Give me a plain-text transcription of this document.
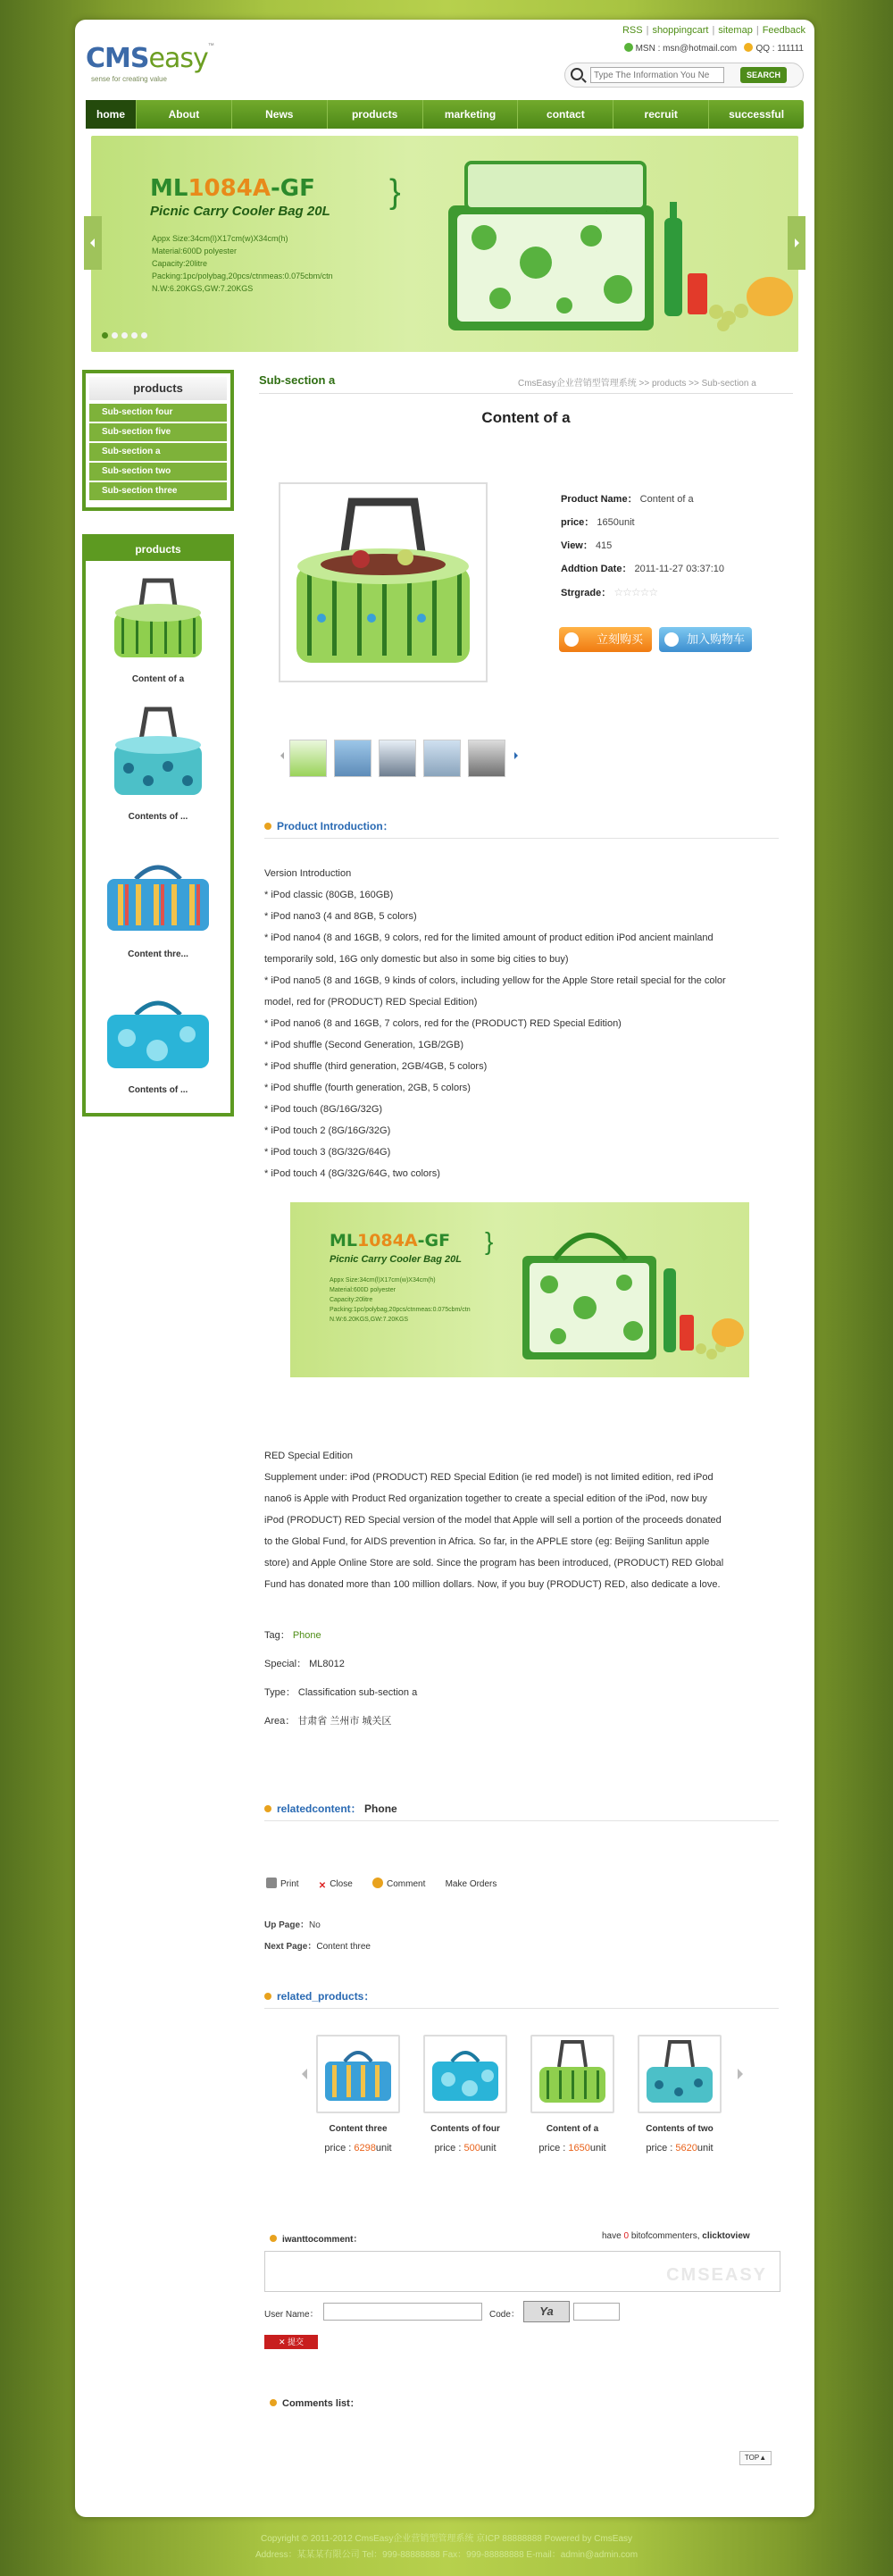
CMSeasy™
sense for creating value
RSS | shoppingcart | sitemap | Feedback
MSN : msn@hotmail.com QQ : 111111
Type The Information You Ne
SEARCH
home	About	News	products	marketing	contact	recruit	successful
ML1084A-GF }
Picnic Carry Cooler Bag 20L
Appx Size:34cm(l)X17cm(w)X34cm(h)
Material:600D polyester
Capacity:20litre
Packing:1pc/polybag,20pcs/ctnmeas:0.075cbm/ctn
N.W:6.20KGS,GW:7.20KGS
products
Sub-section four
Sub-section five
Sub-section a
Sub-section two
Sub-section three
products
Content of a
Contents of ...
Content thre...
Contents of ...
Sub-section a	CmsEasy企业营销型管理系统 >> products >> Sub-section a
Content of a
Product Name： Content of a
price： 1650unit
View： 415
Addtion Date： 2011-11-27 03:37:10
Strgrade： ☆☆☆☆☆
立刻购买	加入购物车
Product Introduction：
Version Introduction
* iPod classic (80GB, 160GB)
* iPod nano3 (4 and 8GB, 5 colors)
* iPod nano4 (8 and 16GB, 9 colors, red for the limited amount of product edition iPod ancient mainland
temporarily sold, 16G only domestic but also in some big cities to buy)
* iPod nano5 (8 and 16GB, 9 kinds of colors, including yellow for the Apple Store retail special for the color
model, red for (PRODUCT) RED Special Edition)
* iPod nano6 (8 and 16GB, 7 colors, red for the (PRODUCT) RED Special Edition)
* iPod shuffle (Second Generation, 1GB/2GB)
* iPod shuffle (third generation, 2GB/4GB, 5 colors)
* iPod shuffle (fourth generation, 2GB, 5 colors)
* iPod touch (8G/16G/32G)
* iPod touch 2 (8G/16G/32G)
* iPod touch 3 (8G/32G/64G)
* iPod touch 4 (8G/32G/64G, two colors)
ML1084A-GF }
Picnic Carry Cooler Bag 20L
Appx Size:34cm(l)X17cm(w)X34cm(h)
Material:600D polyester
Capacity:20litre
Packing:1pc/polybag,20pcs/ctnmeas:0.075cbm/ctn
N.W:6.20KGS,GW:7.20KGS
RED Special Edition
Supplement under: iPod (PRODUCT) RED Special Edition (ie red model) is not limited edition, red iPod
nano6 is Apple with Product Red organization together to create a special edition of the iPod, now buy
iPod (PRODUCT) RED Special version of the model that Apple will sell a portion of the proceeds donated
to the Global Fund, for AIDS prevention in Africa. So far, in the APPLE store (eg: Beijing Sanlitun apple
store) and Apple Online Store are sold. Since the program has been introduced, (PRODUCT) RED Global
Fund has donated more than 100 million dollars. Now, if you buy (PRODUCT) RED, also dedicate a love.
Tag： Phone
Special： ML8012
Type： Classification sub-section a
Area： 甘肃省 兰州市 城关区
relatedcontent： Phone
Print ✕ Close	Comment Make Orders
Up Page：No
Next Page：Content three
related_products：
Content three
price : 6298unit
Contents of four
price : 500unit
Content of a
price : 1650unit
Contents of two
price : 5620unit
iwanttocomment：	have 0 bitofcommenters, clicktoview
CMSEASY
User Name：	Code：	Ya
✕ 提交
Comments list：
TOP▲
Copyright © 2011-2012 CmsEasy企业营销型管理系统 京ICP 88888888 Powered by CmsEasy
Address：某某某有限公司 Tel：999-88888888 Fax：999-88888888 E-mail：admin@admin.com
